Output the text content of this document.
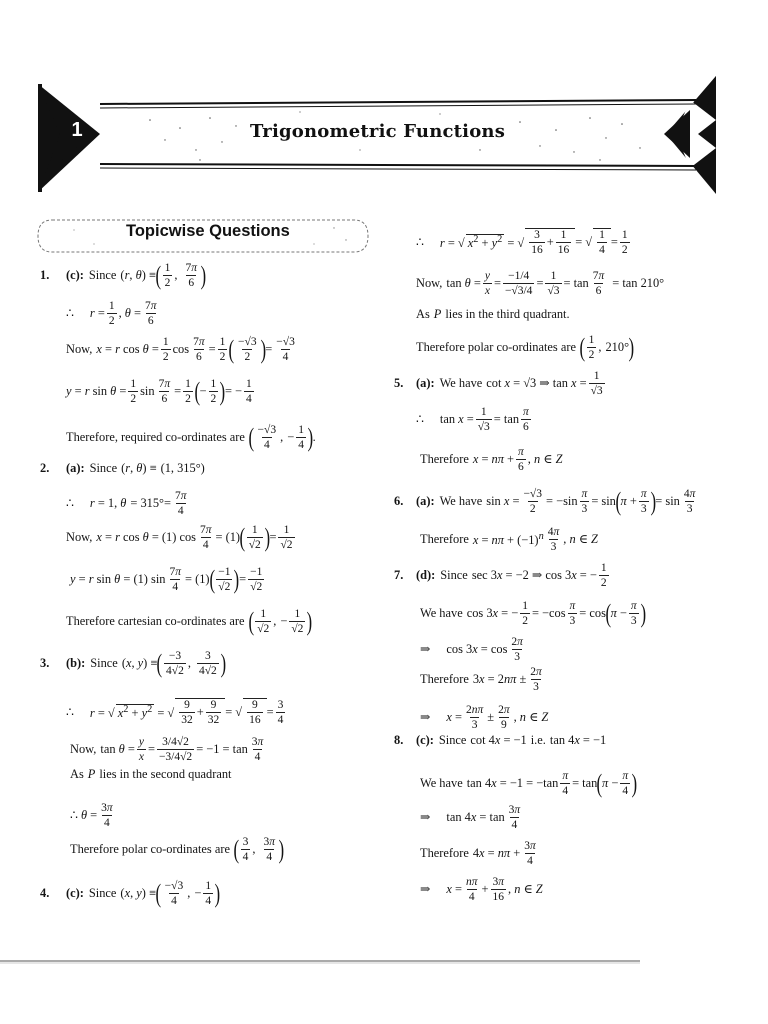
1	Trigonometric Functions
Topicwise Questions
1.	(c): Since (r, θ) ≡ ( $\frac{1}{2}$ , $\frac{7\pi}{6}$ )
∴ $r = \frac{1}{2}$ , $\theta = \frac{7\pi}{6}$
Now, x = r $\cos \theta = \frac{1}{2}$ $\cos \frac{7\pi}{6} = \frac{1}{2}$ ( $\frac{-√3}{2}$ ) = $\frac{-√3}{4}$
y = r $\sin \theta = \frac{1}{2}$ $\sin \frac{7\pi}{6} = \frac{1}{2}$ ( − $\frac{1}{2}$ ) = − $\frac{1}{4}$
Therefore, required co-ordinates are ( $\frac{-√3}{4}$ , − $\frac{1}{4}$ ) .
2.	(a): Since (r, θ) ≡ (1, 315°)
∴ r = 1, $\theta = 315^\circ = \frac{7\pi}{4}$
Now, x = r cos θ = (1) $\cos \frac{7\pi}{4} = (1)$ ( $\frac{1}{√2}$ ) = $\frac{1}{√2}$
y = r sin θ = (1) $\sin \frac{7\pi}{4} = (1)$ ( $\frac{-1}{√2}$ ) = $\frac{-1}{√2}$
Therefore cartesian co-ordinates are ( $\frac{1}{√2}$ , − $\frac{1}{√2}$ )
3.	(b): Since (x, y) ≡ ( $\frac{-3}{4√2}$ , $\frac{3}{4√2}$ )
∴ r = √ $x^2 + y^2$ = √ $\frac{9}{32} + \frac{9}{32}$ = √ $\frac{9}{16} = \frac{3}{4}$
Now, $\tan \theta = \frac{y}{x} = \frac{3/4√2}{-3/4√2} = -1 = \tan \frac{3\pi}{4}$
As P lies in the second quadrant
∴ $\theta = \frac{3\pi}{4}$
Therefore polar co-ordinates are ( $\frac{3}{4}$ , $\frac{3\pi}{4}$ )
4.	(c): Since (x, y) ≡ ( $\frac{-√3}{4}$ , − $\frac{1}{4}$ )
∴ r = √ $x^2 + y^2$ = √ $\frac{3}{16} + \frac{1}{16}$ = √ $\frac{1}{4} = \frac{1}{2}$
Now, $\tan \theta = \frac{y}{x} = \frac{-1/4}{-√3/4} = \frac{1}{√3} = \tan \frac{7\pi}{6} = \tan 210^\circ$
As P lies in the third quadrant.
Therefore polar co-ordinates are ( $\frac{1}{2}$ , 210° )
5.	(a): We have cot x = √3 ⇒ $\tan x = \frac{1}{√3}$
∴ $\tan x = \frac{1}{√3} = \tan \frac{\pi}{6}$
Therefore $x = n\pi + \frac{\pi}{6}$ , n ∈ Z
6.	(a): We have $\sin x = \frac{-√3}{2} = -\sin \frac{\pi}{3} = \sin$ ( $\pi + \frac{\pi}{3}$ ) = $\sin \frac{4\pi}{3}$
Therefore $x = n\pi + (-1)^n \frac{4\pi}{3}$ , n ∈ Z
7.	(d): Since sec 3x = −2 ⇒ cos 3x = − $\frac{1}{2}$
We have cos 3x = − $\frac{1}{2} = -\cos \frac{\pi}{3} = \cos$ ( $\pi - \frac{\pi}{3}$ )
⇒ $\cos 3x = \cos \frac{2\pi}{3}$
Therefore $3x = 2n\pi \pm \frac{2\pi}{3}$
⇒ $x = \frac{2n\pi}{3} \pm \frac{2\pi}{9}$ , n ∈ Z
8.	(c): Since cot 4x = −1 i.e. tan 4x = −1
We have $\tan 4x = -1 = -\tan \frac{\pi}{4} = \tan$ ( $\pi - \frac{\pi}{4}$ )
⇒ $\tan 4x = \tan \frac{3\pi}{4}$
Therefore $4x = n\pi + \frac{3\pi}{4}$
⇒ $x = \frac{n\pi}{4} + \frac{3\pi}{16}$ , n ∈ Z
